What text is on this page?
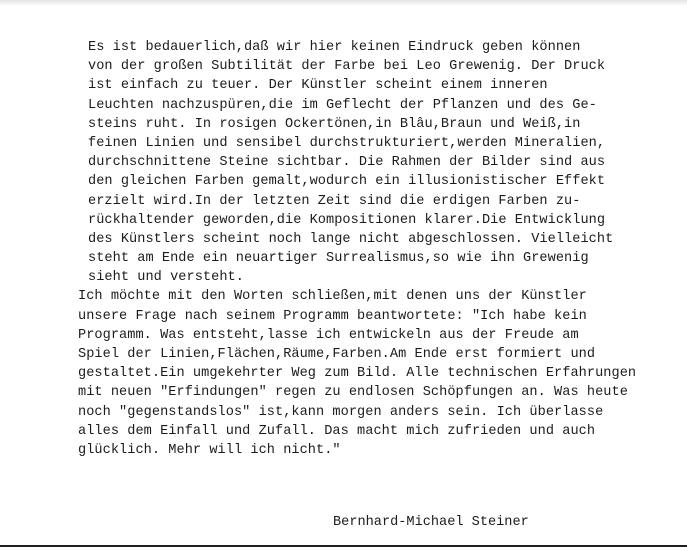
Es ist bedauerlich,daß wir hier keinen Eindruck geben können
von der großen Subtilität der Farbe bei Leo Grewenig. Der Druck
ist einfach zu teuer. Der Künstler scheint einem inneren
Leuchten nachzuspüren,die im Geflecht der Pflanzen und des Ge-
steins ruht. In rosigen Ockertönen,in Blâu,Braun und Weiß,in
feinen Linien und sensibel durchstrukturiert,werden Mineralien,
durchschnittene Steine sichtbar. Die Rahmen der Bilder sind aus
den gleichen Farben gemalt,wodurch ein illusionistischer Effekt
erzielt wird.In der letzten Zeit sind die erdigen Farben zu-
rückhaltender geworden,die Kompositionen klarer.Die Entwicklung
des Künstlers scheint noch lange nicht abgeschlossen. Vielleicht
steht am Ende ein neuartiger Surrealismus,so wie ihn Grewenig
sieht und versteht.
Ich möchte mit den Worten schließen,mit denen uns der Künstler
unsere Frage nach seinem Programm beantwortete: "Ich habe kein
Programm. Was entsteht,lasse ich entwickeln aus der Freude am
Spiel der Linien,Flächen,Räume,Farben.Am Ende erst formiert und
gestaltet.Ein umgekehrter Weg zum Bild. Alle technischen Erfahrungen
mit neuen "Erfindungen" regen zu endlosen Schöpfungen an. Was heute
noch "gegenstandslos" ist,kann morgen anders sein. Ich überlasse
alles dem Einfall und Zufall. Das macht mich zufrieden und auch
glücklich. Mehr will ich nicht."
Bernhard-Michael Steiner
